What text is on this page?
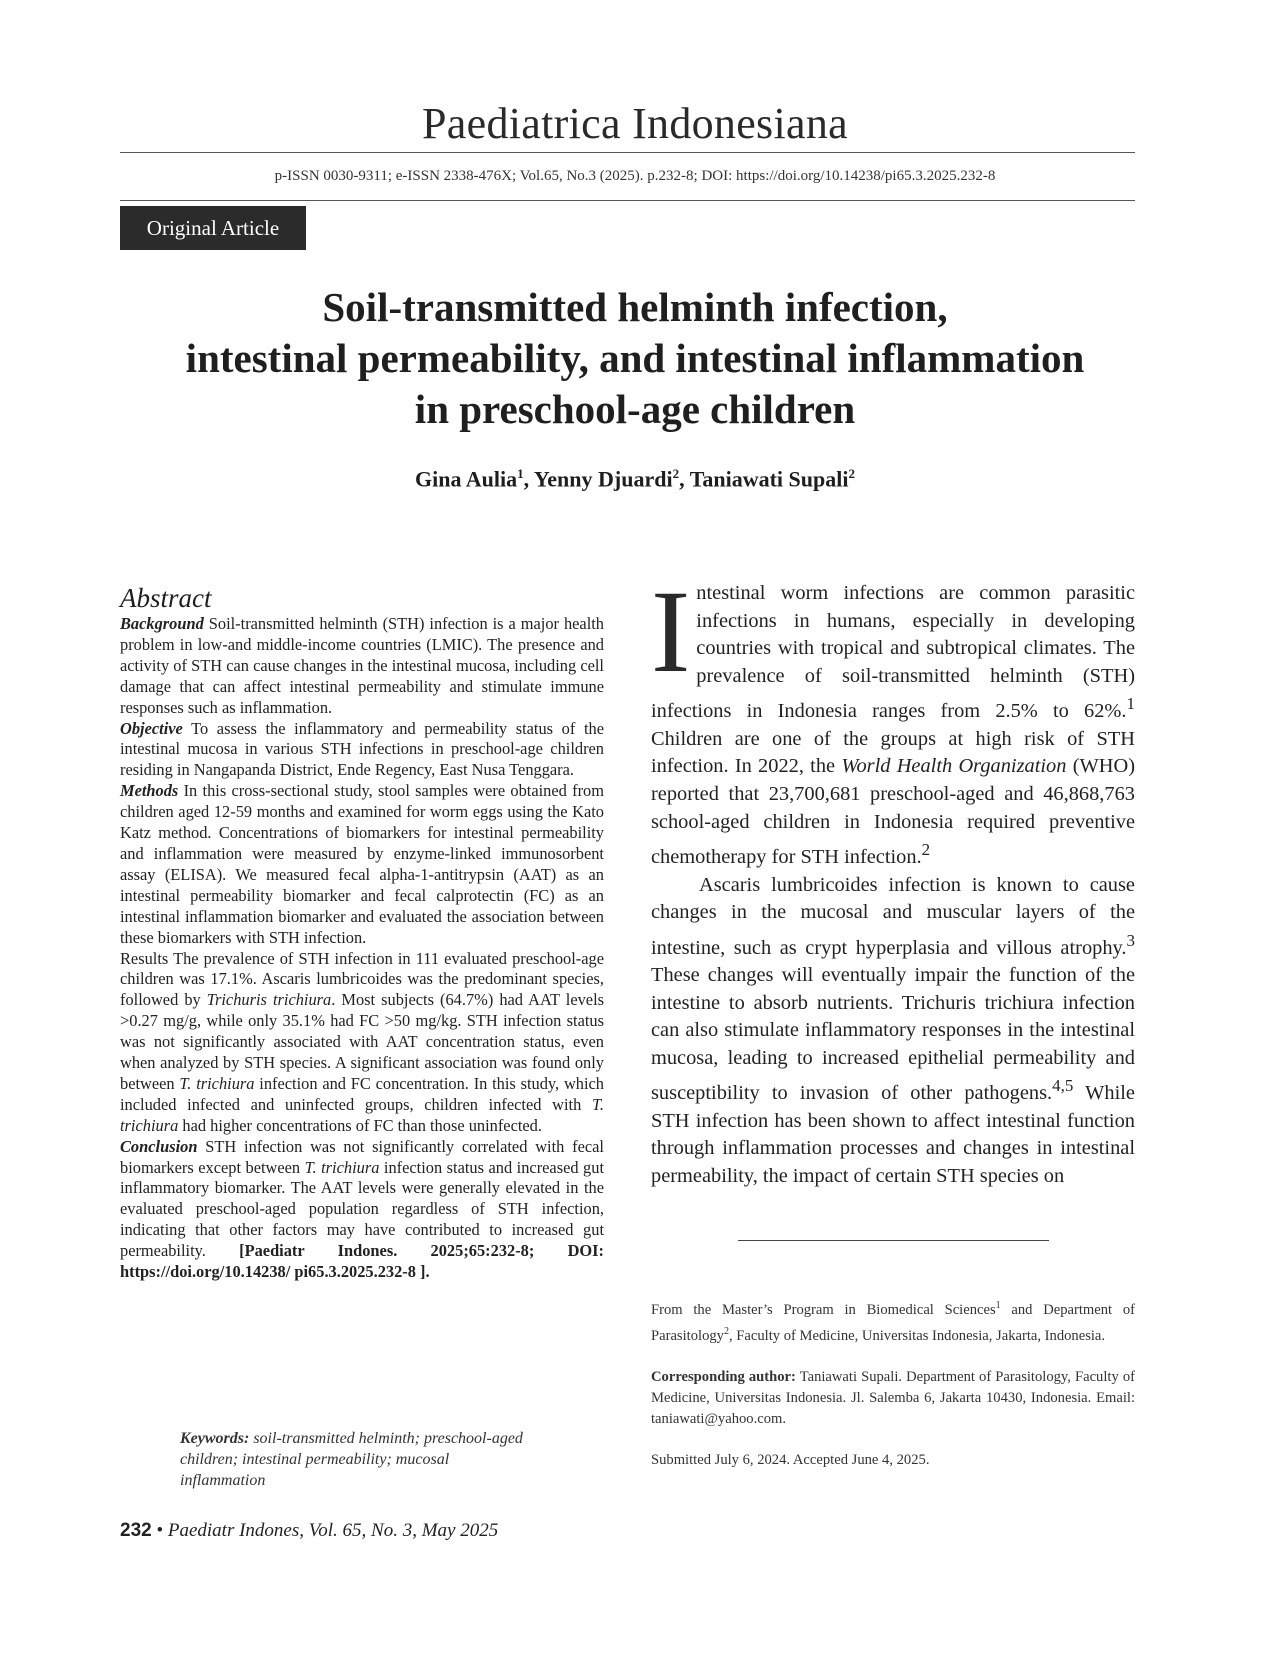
Paediatrica Indonesiana
p-ISSN 0030-9311; e-ISSN 2338-476X; Vol.65, No.3 (2025). p.232-8; DOI: https://doi.org/10.14238/pi65.3.2025.232-8
Original Article
Soil-transmitted helminth infection,
intestinal permeability, and intestinal inflammation
in preschool-age children
Gina Aulia$^1$, Yenny Djuardi$^2$, Taniawati Supali$^2$
Abstract

Background Soil-transmitted helminth (STH) infection is a major health problem in low-and middle-income countries (LMIC). The presence and activity of STH can cause changes in the intestinal mucosa, including cell damage that can affect intestinal permeability and stimulate immune responses such as inflammation.

Objective To assess the inflammatory and permeability status of the intestinal mucosa in various STH infections in preschool-age children residing in Nangapanda District, Ende Regency, East Nusa Tenggara.

Methods In this cross-sectional study, stool samples were obtained from children aged 12-59 months and examined for worm eggs using the Kato Katz method. Concentrations of biomarkers for intestinal permeability and inflammation were measured by enzyme-linked immunosorbent assay (ELISA). We measured fecal alpha-1-antitrypsin (AAT) as an intestinal permeability biomarker and fecal calprotectin (FC) as an intestinal inflammation biomarker and evaluated the association between these biomarkers with STH infection.

Results The prevalence of STH infection in 111 evaluated preschool-age children was 17.1%. Ascaris lumbricoides was the predominant species, followed by Trichuris trichiura. Most subjects (64.7%) had AAT levels >0.27 mg/g, while only 35.1% had FC >50 mg/kg. STH infection status was not significantly associated with AAT concentration status, even when analyzed by STH species. A significant association was found only between T. trichiura infection and FC concentration. In this study, which included infected and uninfected groups, children infected with T. trichiura had higher concentrations of FC than those uninfected.

Conclusion STH infection was not significantly correlated with fecal biomarkers except between T. trichiura infection status and increased gut inflammatory biomarker. The AAT levels were generally elevated in the evaluated preschool-aged population regardless of STH infection, indicating that other factors may have contributed to increased gut permeability. [Paediatr Indones. 2025;65:232-8; DOI: https://doi.org/10.14238/ pi65.3.2025.232-8 ].

Keywords: soil-transmitted helminth; preschool-aged children; intestinal permeability; mucosal inflammation

Intestinal worm infections are common parasitic infections in humans, especially in developing countries with tropical and subtropical climates. The prevalence of soil-transmitted helminth (STH) infections in Indonesia ranges from 2.5% to 62%.$^1$ Children are one of the groups at high risk of STH infection. In 2022, the World Health Organization (WHO) reported that 23,700,681 preschool-aged and 46,868,763 school-aged children in Indonesia required preventive chemotherapy for STH infection.$^2$

Ascaris lumbricoides infection is known to cause changes in the mucosal and muscular layers of the intestine, such as crypt hyperplasia and villous atrophy.$^3$ These changes will eventually impair the function of the intestine to absorb nutrients. Trichuris trichiura infection can also stimulate inflammatory responses in the intestinal mucosa, leading to increased epithelial permeability and susceptibility to invasion of other pathogens.$^{4,5}$ While STH infection has been shown to affect intestinal function through inflammation processes and changes in intestinal permeability, the impact of certain STH species on

From the Master’s Program in Biomedical Sciences$^1$ and Department of Parasitology$^2$, Faculty of Medicine, Universitas Indonesia, Jakarta, Indonesia.

Corresponding author: Taniawati Supali. Department of Parasitology, Faculty of Medicine, Universitas Indonesia. Jl. Salemba 6, Jakarta 10430, Indonesia. Email: taniawati@yahoo.com.

Submitted July 6, 2024. Accepted June 4, 2025.

232 • Paediatr Indones, Vol. 65, No. 3, May 2025
